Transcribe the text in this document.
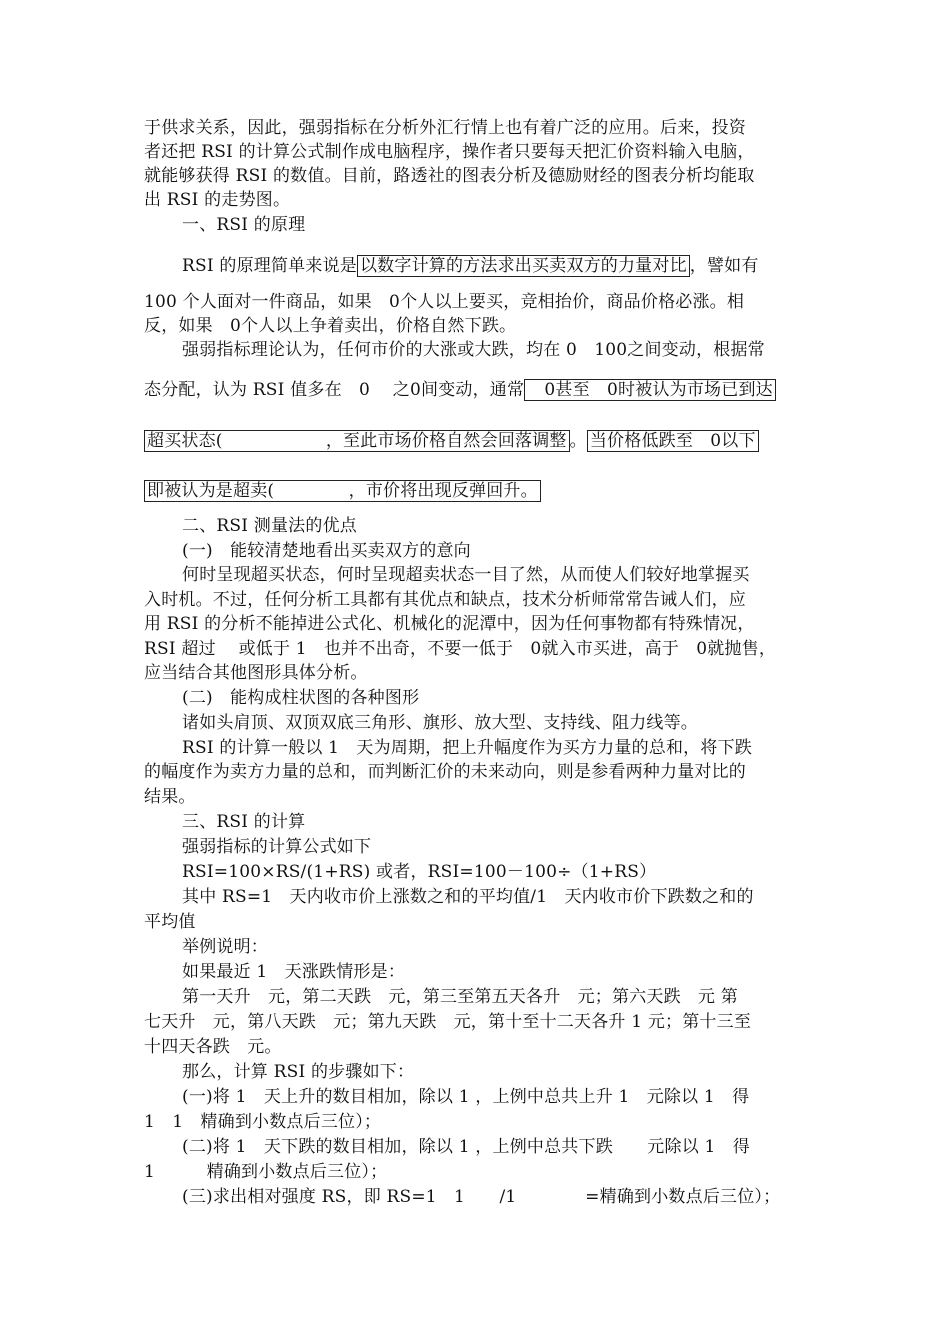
于供求关系，因此，强弱指标在分析外汇行情上也有着广泛的应用。后来，投资
者还把 RSI 的计算公式制作成电脑程序，操作者只要每天把汇价资料输入电脑，
就能够获得 RSI 的数值。目前，路透社的图表分析及德励财经的图表分析均能取
出 RSI 的走势图。
一、RSI 的原理
RSI 的原理简单来说是 以数字计算的方法求出买卖双方的力量对比 ，譬如有
100 个人面对一件商品，如果　0个人以上要买，竞相抬价，商品价格必涨。相
反，如果　0个人以上争着卖出，价格自然下跌。
强弱指标理论认为，任何市价的大涨或大跌，均在 0　100之间变动，根据常
态分配，认为 RSI 值多在　0　 之0间变动，通常　0甚至　0时被认为市场已到达
超买状态(　　　　　　，至此市场价格自然会回落调整 。 当价格低跌至　0以下
即被认为是超卖(　　　　 ，市价将出现反弹回升。
二、RSI 测量法的优点
(一)　能较清楚地看出买卖双方的意向
何时呈现超买状态，何时呈现超卖状态一目了然，从而使人们较好地掌握买
入时机。不过，任何分析工具都有其优点和缺点，技术分析师常常告诫人们，应
用 RSI 的分析不能掉进公式化、机械化的泥潭中，因为任何事物都有特殊情况，
RSI 超过　 或低于 1　也并不出奇，不要一低于　0就入市买进，高于　0就抛售，
应当结合其他图形具体分析。
(二)　能构成柱状图的各种图形
诸如头肩顶、双顶双底三角形、旗形、放大型、支持线、阻力线等。
RSI 的计算一般以 1　天为周期，把上升幅度作为买方力量的总和，将下跌
的幅度作为卖方力量的总和，而判断汇价的未来动向，则是参看两种力量对比的
结果。
三、RSI 的计算
强弱指标的计算公式如下
RSI=100×RS/(1+RS) 或者，RSI=100－100÷（1+RS）
其中 RS=1　天内收市价上涨数之和的平均值/1　天内收市价下跌数之和的
平均值
举例说明：
如果最近 1　天涨跌情形是：
第一天升　元，第二天跌　元，第三至第五天各升　元；第六天跌　元 第
七天升　元，第八天跌　元；第九天跌　元，第十至十二天各升 1 元；第十三至
十四天各跌　元。
那么，计算 RSI 的步骤如下：
(一)将 1　天上升的数目相加，除以 1 ，上例中总共上升 1　元除以 1　得
1　1　精确到小数点后三位）；
(二)将 1　天下跌的数目相加，除以 1 ，上例中总共下跌　　元除以 1　得
1　　　精确到小数点后三位）；
(三)求出相对强度 RS，即 RS=1　1　　/1　　　　=精确到小数点后三位）；
